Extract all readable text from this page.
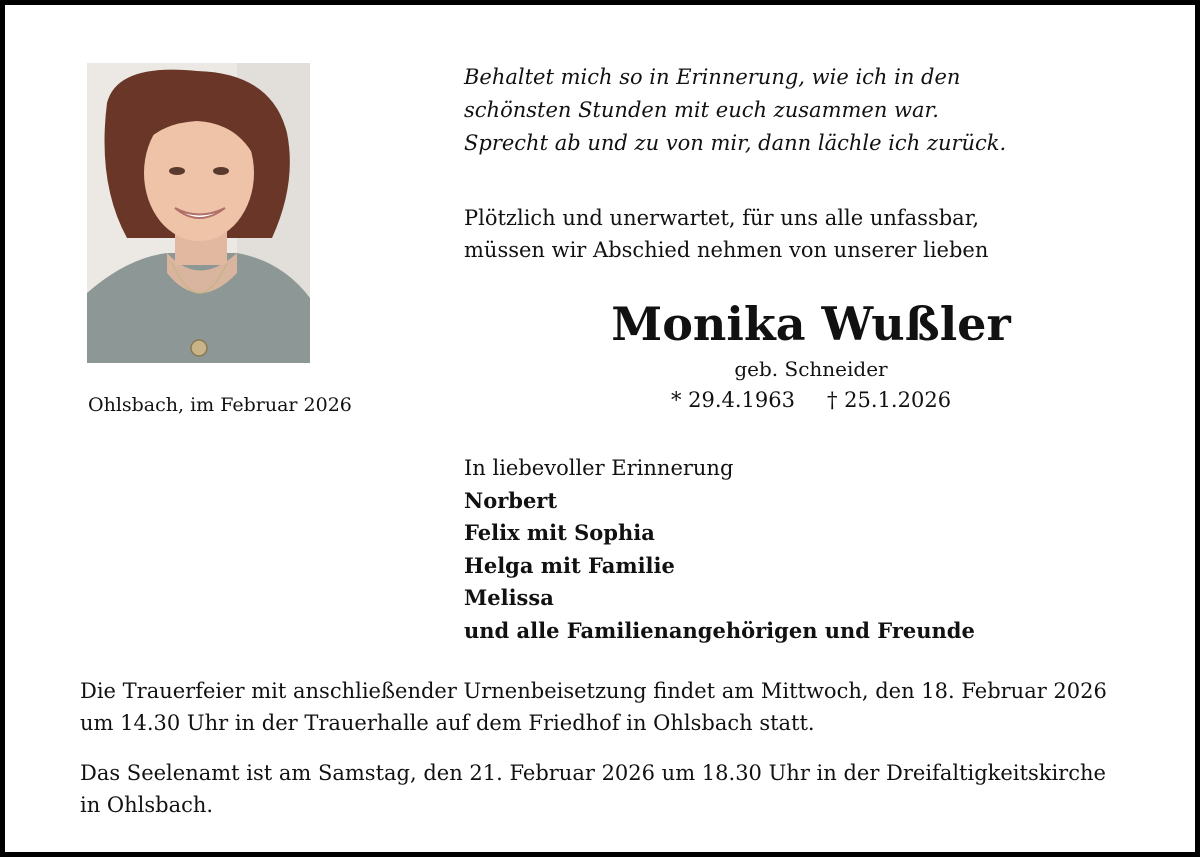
Ohlsbach, im Februar 2026
Behaltet mich so in Erinnerung, wie ich in den
schönsten Stunden mit euch zusammen war.
Sprecht ab und zu von mir, dann lächle ich zurück.
Plötzlich und unerwartet, für uns alle unfassbar,
müssen wir Abschied nehmen von unserer lieben
Monika Wußler
geb. Schneider
* 29.4.1963 † 25.1.2026
In liebevoller Erinnerung
Norbert
Felix mit Sophia
Helga mit Familie
Melissa
und alle Familienangehörigen und Freunde
Die Trauerfeier mit anschließender Urnenbeisetzung findet am Mittwoch, den 18. Februar 2026
um 14.30 Uhr in der Trauerhalle auf dem Friedhof in Ohlsbach statt.
Das Seelenamt ist am Samstag, den 21. Februar 2026 um 18.30 Uhr in der Dreifaltigkeitskirche
in Ohlsbach.
